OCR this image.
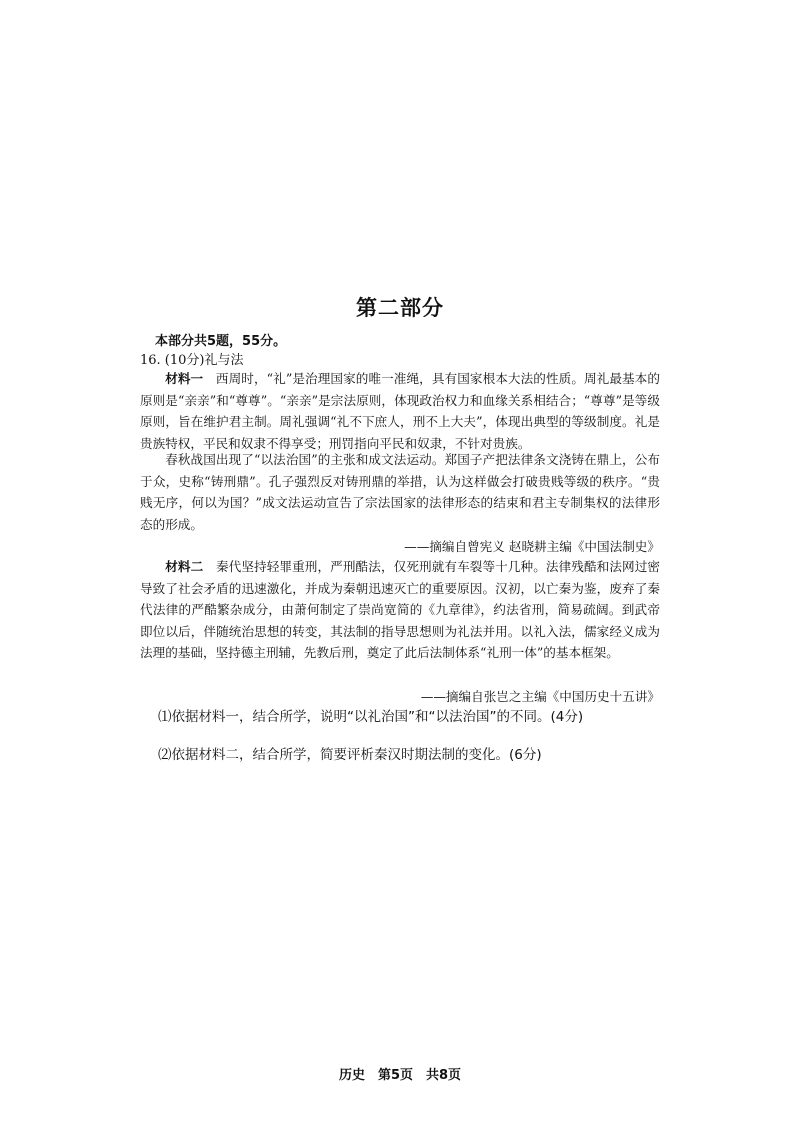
第二部分
本部分共5题，55分。
16. (10分)礼与法

材料一　 西周时，“礼”是治理国家的唯一准绳，具有国家根本大法的性质。周礼最基本的原则是“亲亲”和“尊尊”。“亲亲”是宗法原则，体现政治权力和血缘关系相结合；“尊尊”是等级原则，旨在维护君主制。周礼强调“礼不下庶人，刑不上大夫”，体现出典型的等级制度。礼是贵族特权，平民和奴隶不得享受；刑罚指向平民和奴隶，不针对贵族。

春秋战国出现了“以法治国”的主张和成文法运动。郑国子产把法律条文浇铸在鼎上，公布于众，史称“铸刑鼎”。孔子强烈反对铸刑鼎的举措，认为这样做会打破贵贱等级的秩序。“贵贱无序，何以为国？”成文法运动宣告了宗法国家的法律形态的结束和君主专制集权的法律形态的形成。

——摘编自曾宪义 赵晓耕主编《中国法制史》

材料二　 秦代坚持轻罪重刑，严刑酷法，仅死刑就有车裂等十几种。法律残酷和法网过密导致了社会矛盾的迅速激化，并成为秦朝迅速灭亡的重要原因。汉初，以亡秦为鉴，废弃了秦代法律的严酷繁杂成分，由萧何制定了崇尚宽简的《九章律》，约法省刑，简易疏阔。到武帝即位以后，伴随统治思想的转变，其法制的指导思想则为礼法并用。以礼入法，儒家经义成为法理的基础，坚持德主刑辅，先教后刑，奠定了此后法制体系“礼刑一体”的基本框架。

——摘编自张岂之主编《中国历史十五讲》
⑴依据材料一，结合所学，说明“以礼治国”和“以法治国”的不同。(4分)
⑵依据材料二，结合所学，简要评析秦汉时期法制的变化。(6分)
历史　第5页　共8页
